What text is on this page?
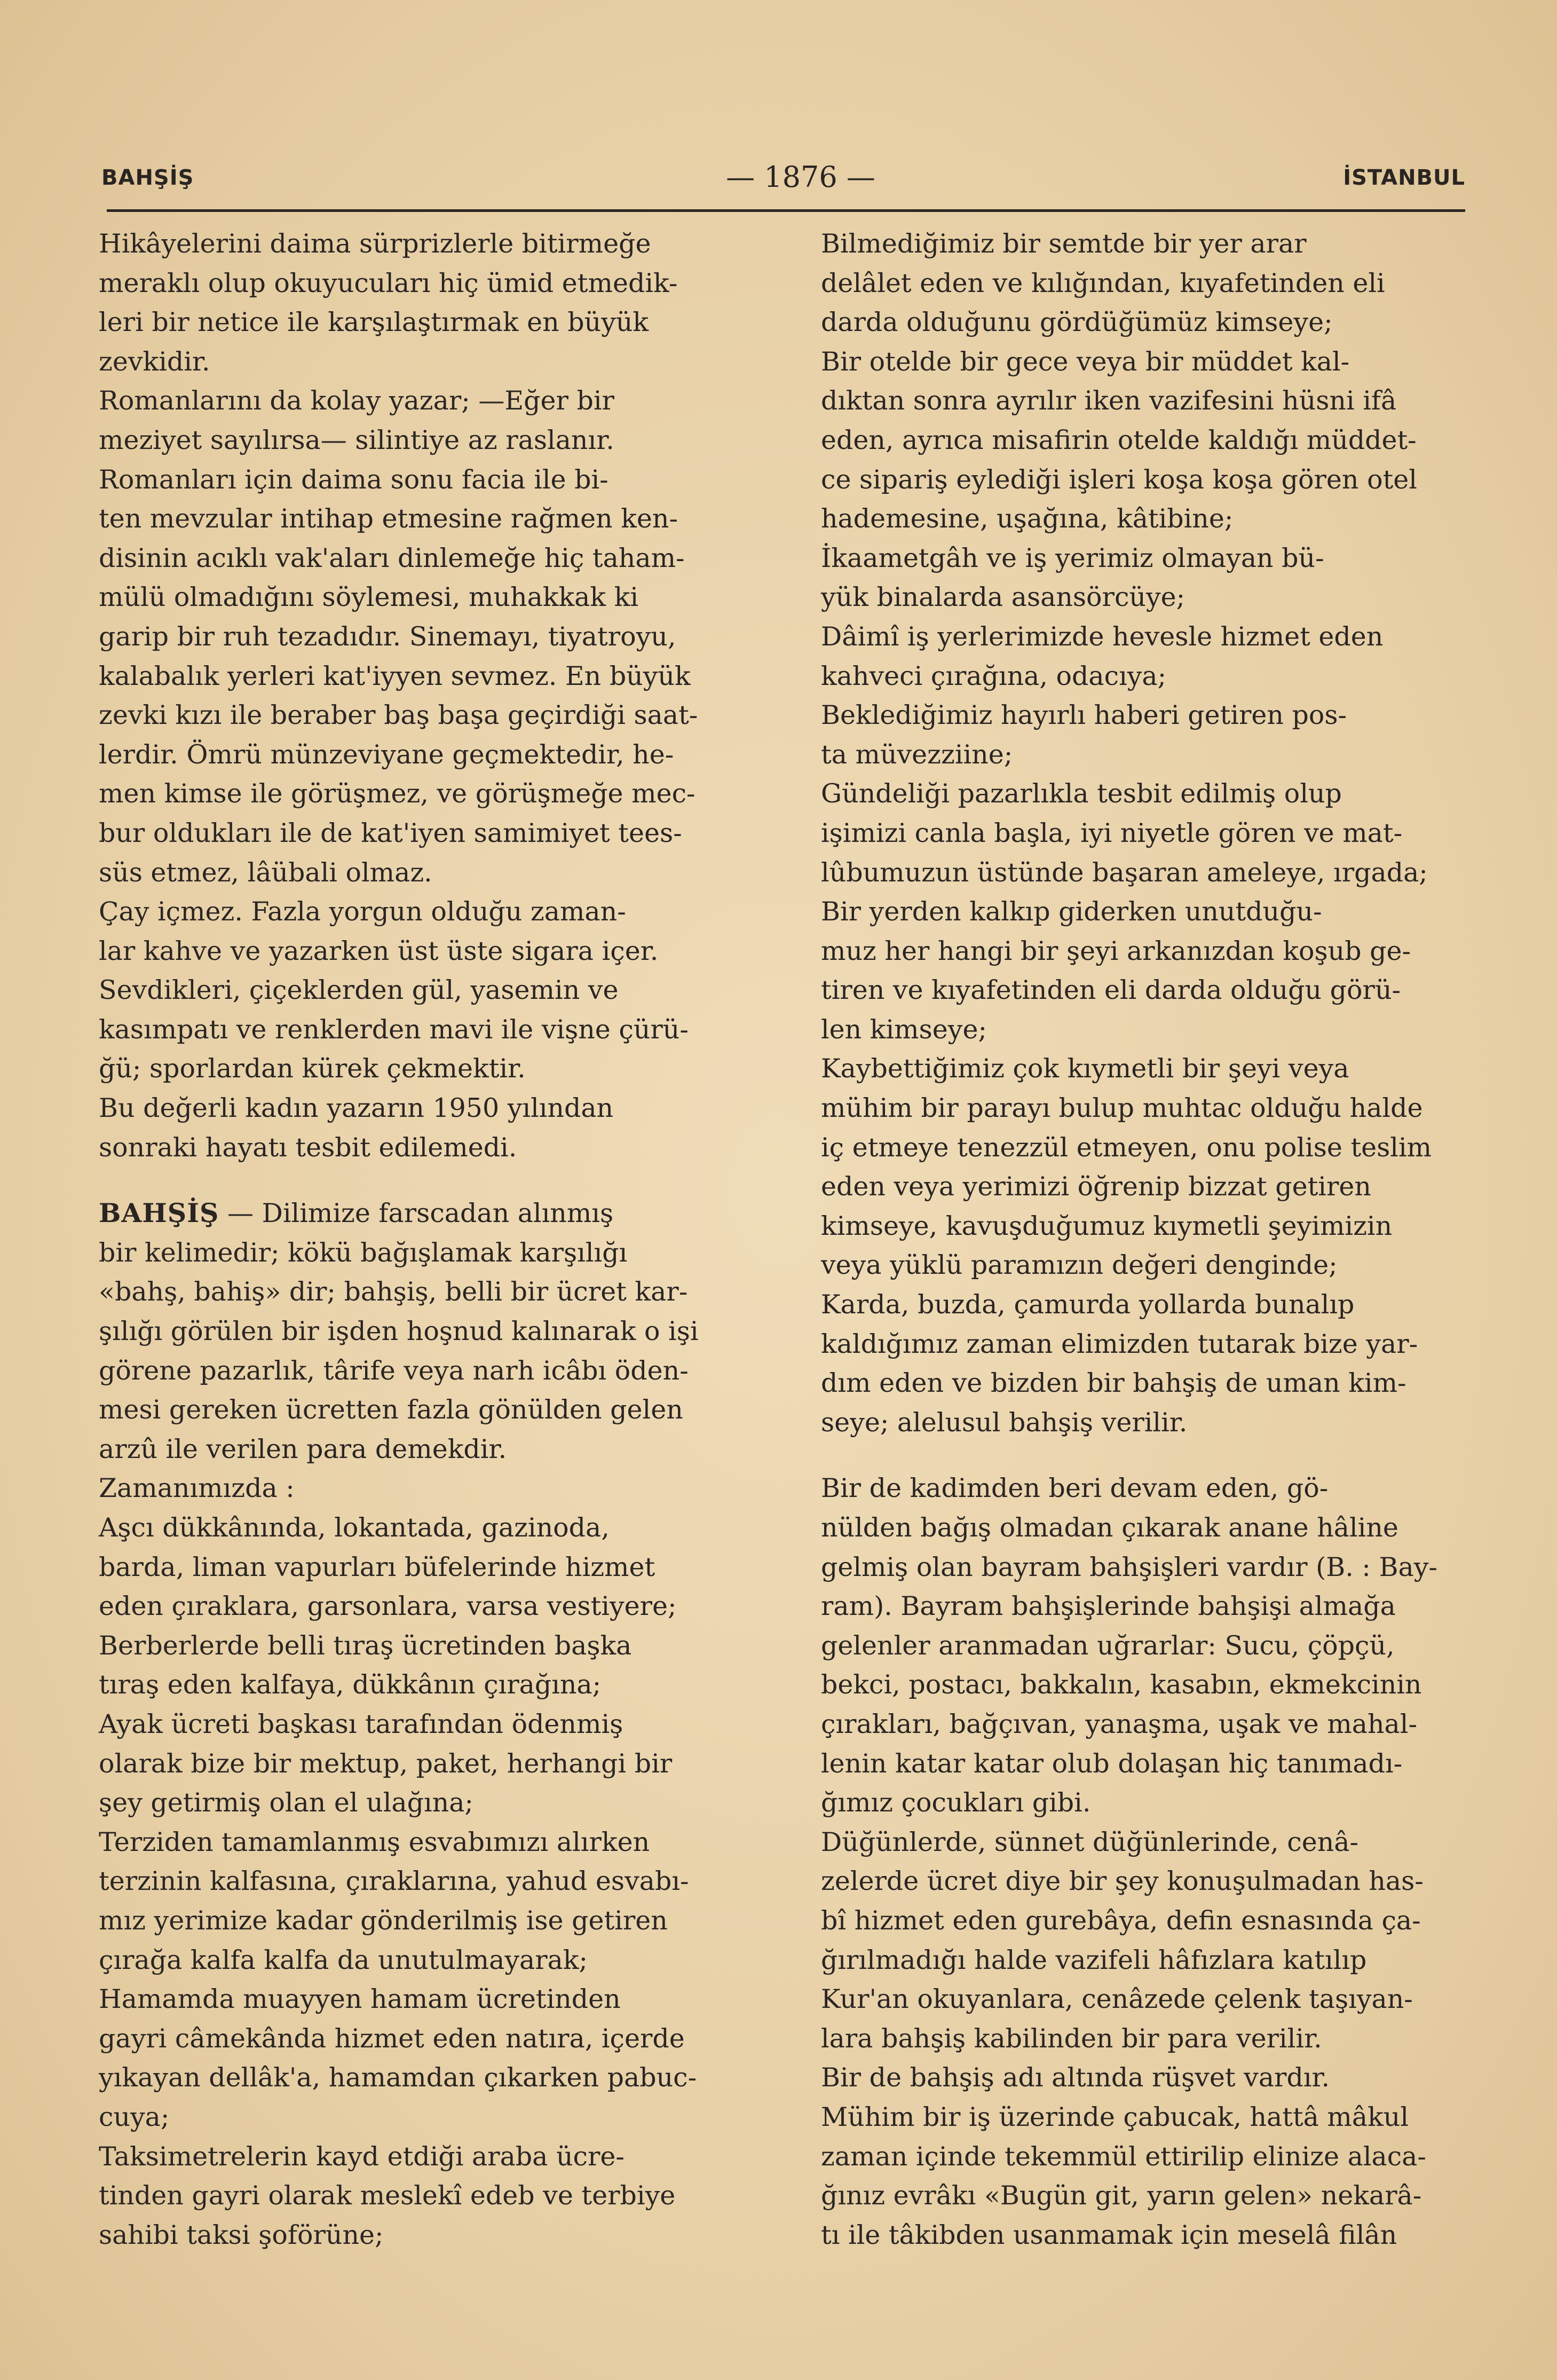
BAHŞİŞ	— 1876 —	İSTANBUL

Hikâyelerini daima sürprizlerle bitirmeğe
meraklı olup okuyucuları hiç ümid etmedik-
leri bir netice ile karşılaştırmak en büyük
zevkidir.

Romanlarını da kolay yazar; —Eğer bir
meziyet sayılırsa— silintiye az raslanır.

Romanları için daima sonu facia ile bi-
ten mevzular intihap etmesine rağmen ken-
disinin acıklı vak'aları dinlemeğe hiç taham-
mülü olmadığını söylemesi, muhakkak ki
garip bir ruh tezadıdır. Sinemayı, tiyatroyu,
kalabalık yerleri kat'iyyen sevmez. En büyük
zevki kızı ile beraber baş başa geçirdiği saat-
lerdir. Ömrü münzeviyane geçmektedir, he-
men kimse ile görüşmez, ve görüşmeğe mec-
bur oldukları ile de kat'iyen samimiyet tees-
süs etmez, lâübali olmaz.

Çay içmez. Fazla yorgun olduğu zaman-
lar kahve ve yazarken üst üste sigara içer.

Sevdikleri, çiçeklerden gül, yasemin ve
kasımpatı ve renklerden mavi ile vişne çürü-
ğü; sporlardan kürek çekmektir.

Bu değerli kadın yazarın 1950 yılından
sonraki hayatı tesbit edilemedi.

BAHŞİŞ — Dilimize farscadan alınmış
bir kelimedir; kökü bağışlamak karşılığı
«bahş, bahiş» dir; bahşiş, belli bir ücret kar-
şılığı görülen bir işden hoşnud kalınarak o işi
görene pazarlık, târife veya narh icâbı öden-
mesi gereken ücretten fazla gönülden gelen
arzû ile verilen para demekdir.

Zamanımızda :

Aşcı dükkânında, lokantada, gazinoda,
barda, liman vapurları büfelerinde hizmet
eden çıraklara, garsonlara, varsa vestiyere;

Berberlerde belli tıraş ücretinden başka
tıraş eden kalfaya, dükkânın çırağına;

Ayak ücreti başkası tarafından ödenmiş
olarak bize bir mektup, paket, herhangi bir
şey getirmiş olan el ulağına;

Terziden tamamlanmış esvabımızı alırken
terzinin kalfasına, çıraklarına, yahud esvabı-
mız yerimize kadar gönderilmiş ise getiren
çırağa kalfa kalfa da unutulmayarak;

Hamamda muayyen hamam ücretinden
gayri câmekânda hizmet eden natıra, içerde
yıkayan dellâk'a, hamamdan çıkarken pabuc-
cuya;

Taksimetrelerin kayd etdiği araba ücre-
tinden gayri olarak meslekî edeb ve terbiye
sahibi taksi şoförüne;

Bilmediğimiz bir semtde bir yer arar
delâlet eden ve kılığından, kıyafetinden eli
darda olduğunu gördüğümüz kimseye;

Bir otelde bir gece veya bir müddet kal-
dıktan sonra ayrılır iken vazifesini hüsni ifâ
eden, ayrıca misafirin otelde kaldığı müddet-
ce sipariş eylediği işleri koşa koşa gören otel
hademesine, uşağına, kâtibine;

İkaametgâh ve iş yerimiz olmayan bü-
yük binalarda asansörcüye;

Dâimî iş yerlerimizde hevesle hizmet eden
kahveci çırağına, odacıya;

Beklediğimiz hayırlı haberi getiren pos-
ta müvezziine;

Gündeliği pazarlıkla tesbit edilmiş olup
işimizi canla başla, iyi niyetle gören ve mat-
lûbumuzun üstünde başaran ameleye, ırgada;

Bir yerden kalkıp giderken unutduğu-
muz her hangi bir şeyi arkanızdan koşub ge-
tiren ve kıyafetinden eli darda olduğu görü-
len kimseye;

Kaybettiğimiz çok kıymetli bir şeyi veya
mühim bir parayı bulup muhtac olduğu halde
iç etmeye tenezzül etmeyen, onu polise teslim
eden veya yerimizi öğrenip bizzat getiren
kimseye, kavuşduğumuz kıymetli şeyimizin
veya yüklü paramızın değeri denginde;

Karda, buzda, çamurda yollarda bunalıp
kaldığımız zaman elimizden tutarak bize yar-
dım eden ve bizden bir bahşiş de uman kim-
seye; alelusul bahşiş verilir.

Bir de kadimden beri devam eden, gö-
nülden bağış olmadan çıkarak anane hâline
gelmiş olan bayram bahşişleri vardır (B. : Bay-
ram). Bayram bahşişlerinde bahşişi almağa
gelenler aranmadan uğrarlar: Sucu, çöpçü,
bekci, postacı, bakkalın, kasabın, ekmekcinin
çırakları, bağçıvan, yanaşma, uşak ve mahal-
lenin katar katar olub dolaşan hiç tanımadı-
ğımız çocukları gibi.

Düğünlerde, sünnet düğünlerinde, cenâ-
zelerde ücret diye bir şey konuşulmadan has-
bî hizmet eden gurebâya, defin esnasında ça-
ğırılmadığı halde vazifeli hâfızlara katılıp
Kur'an okuyanlara, cenâzede çelenk taşıyan-
lara bahşiş kabilinden bir para verilir.

Bir de bahşiş adı altında rüşvet vardır.
Mühim bir iş üzerinde çabucak, hattâ mâkul
zaman içinde tekemmül ettirilip elinize alaca-
ğınız evrâkı «Bugün git, yarın gelen» nekarâ-
tı ile tâkibden usanmamak için meselâ filân
